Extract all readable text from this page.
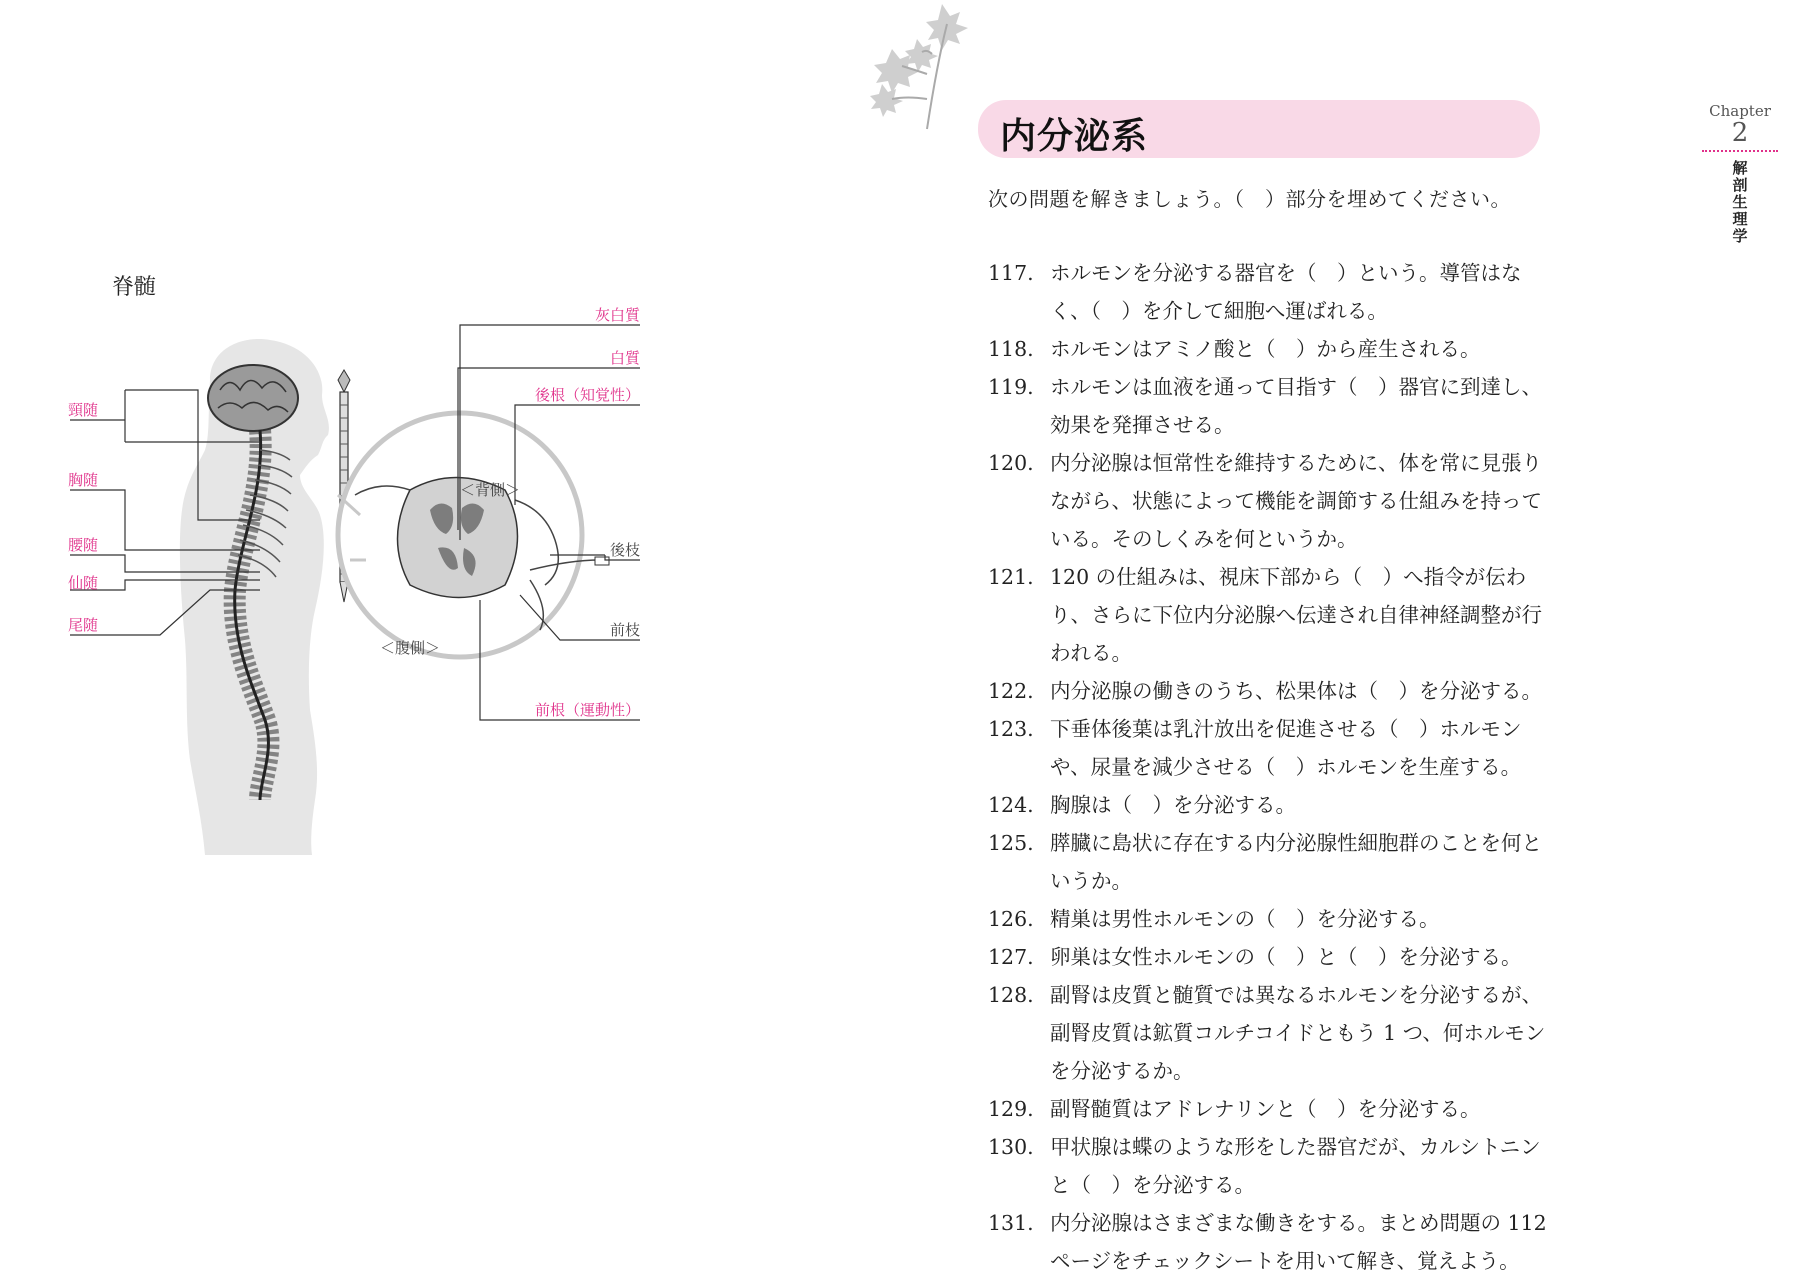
脊髄
頸随
胸随
腰随
仙随
尾随
灰白質
白質
後根（知覚性）
＜背側＞
後枝
＜腹側＞
前枝
前根（運動性）
内分泌系
次の問題を解きましょう。（　）部分を埋めてください。
117. ホルモンを分泌する器官を（　）という。導管はなく、（　）を介して細胞へ運ばれる。
118. ホルモンはアミノ酸と（　）から産生される。
119. ホルモンは血液を通って目指す（　）器官に到達し、効果を発揮させる。
120. 内分泌腺は恒常性を維持するために、体を常に見張りながら、状態によって機能を調節する仕組みを持っている。そのしくみを何というか。
121. 120 の仕組みは、視床下部から（　）へ指令が伝わり、さらに下位内分泌腺へ伝達され自律神経調整が行われる。
122. 内分泌腺の働きのうち、松果体は（　）を分泌する。
123. 下垂体後葉は乳汁放出を促進させる（　）ホルモンや、尿量を減少させる（　）ホルモンを生産する。
124. 胸腺は（　）を分泌する。
125. 膵臓に島状に存在する内分泌腺性細胞群のことを何というか。
126. 精巣は男性ホルモンの（　）を分泌する。
127. 卵巣は女性ホルモンの（　）と（　）を分泌する。
128. 副腎は皮質と髄質では異なるホルモンを分泌するが、副腎皮質は鉱質コルチコイドともう 1 つ、何ホルモンを分泌するか。
129. 副腎髄質はアドレナリンと（　）を分泌する。
130. 甲状腺は蝶のような形をした器官だが、カルシトニンと（　）を分泌する。
131. 内分泌腺はさまざまな働きをする。まとめ問題の 112 ページをチェックシートを用いて解き、覚えよう。
Chapter
2
解剖生理学
